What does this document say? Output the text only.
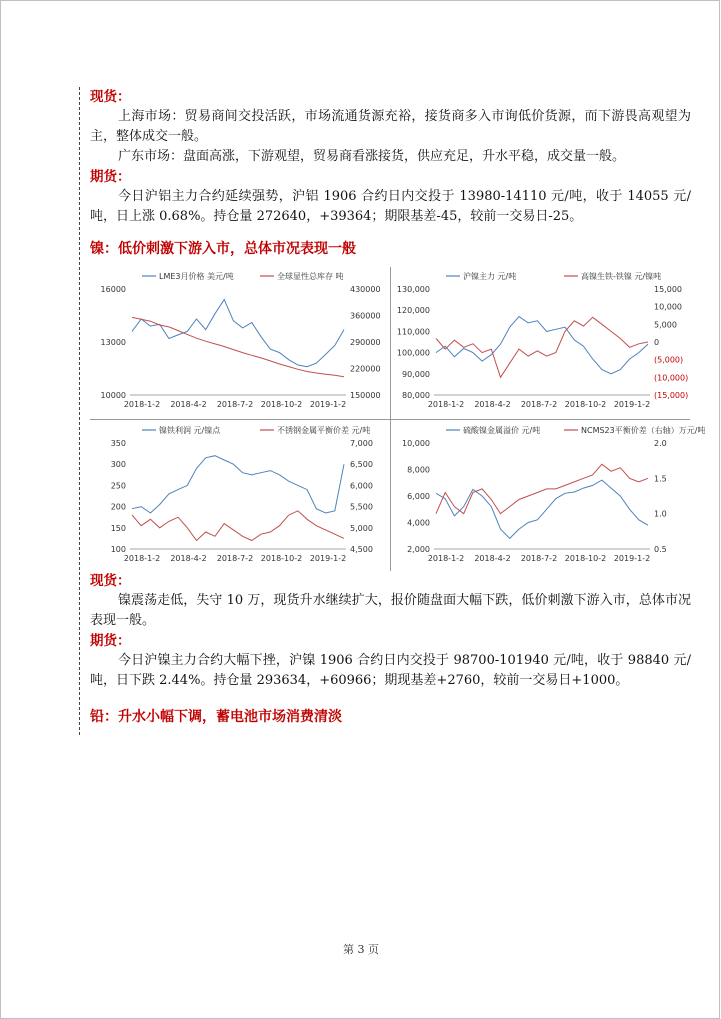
现货：

上海市场：贸易商间交投活跃，市场流通货源充裕，接货商多入市询低价货源，而下游畏高观望为主，整体成交一般。

广东市场：盘面高涨，下游观望，贸易商看涨接货，供应充足，升水平稳，成交量一般。

期货：

今日沪铝主力合约延续强势，沪铝 1906 合约日内交投于 13980-14110 元/吨，收于 14055 元/吨，日上涨 0.68%。持仓量 272640，+39364；期限基差-45，较前一交易日-25。

镍：低价刺激下游入市，总体市况表现一般
LME3月价格 美元/吨	全球显性总库存 吨
16000
13000
10000
430000
360000
290000
220000
150000
2018-1-2 2018-4-2 2018-7-2 2018-10-2 2019-1-2
沪镍主力 元/吨	高镍生铁-铁镍 元/镍吨
130,000
120,000
110,000
100,000
90,000
80,000
15,000
10,000
5,000
0
(5,000)
(10,000)
(15,000)
2018-1-2 2018-4-2 2018-7-2 2018-10-2 2019-1-2
镍铁利润 元/镍点	不锈钢金属平衡价差 元/吨
350
300
250
200
150
100
7,000
6,500
6,000
5,500
5,000
4,500
2018-1-2 2018-4-2 2018-7-2 2018-10-2 2019-1-2
硫酸镍金属溢价 元/吨	NCMS23平衡价差（右轴）万元/吨
10,000
8,000
6,000
4,000
2,000
2.0
1.5
1.0
0.5
2018-1-2 2018-4-2 2018-7-2 2018-10-2 2019-1-2
现货：

镍震荡走低，失守 10 万，现货升水继续扩大，报价随盘面大幅下跌，低价刺激下游入市，总体市况表现一般。

期货：

今日沪镍主力合约大幅下挫，沪镍 1906 合约日内交投于 98700-101940 元/吨，收于 98840 元/吨，日下跌 2.44%。持仓量 293634，+60966；期现基差+2760，较前一交易日+1000。

铅：升水小幅下调，蓄电池市场消费清淡
第 3 页
